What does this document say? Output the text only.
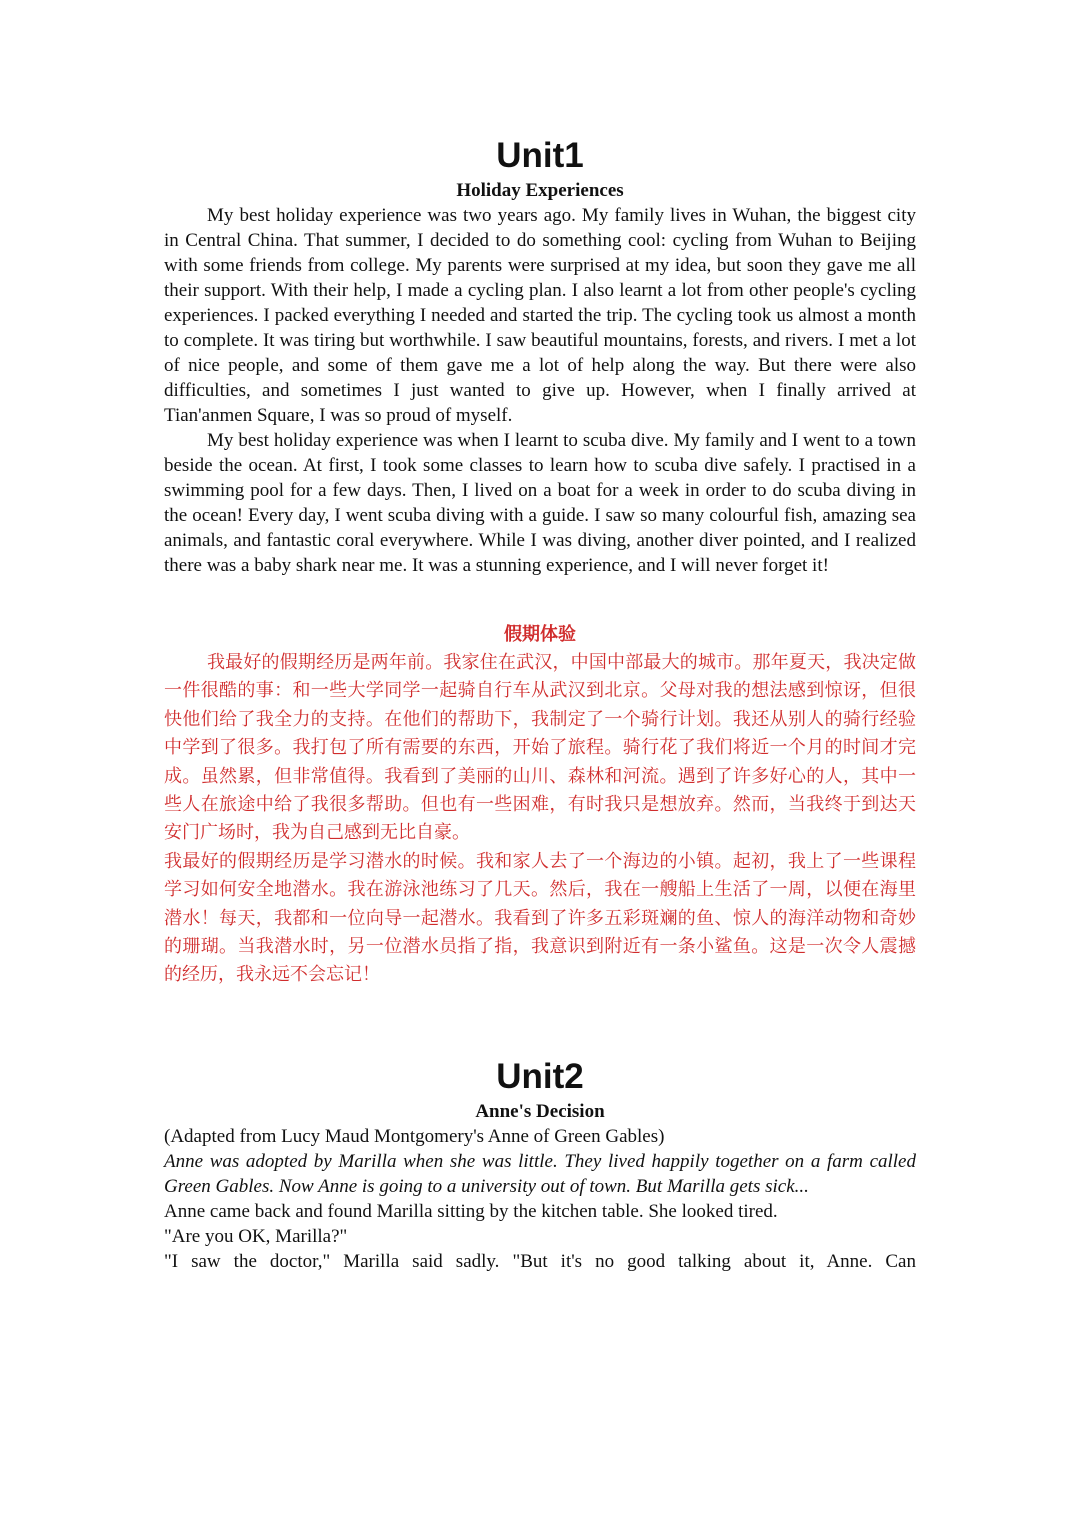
Unit1
Holiday Experiences

My best holiday experience was two years ago. My family lives in Wuhan, the biggest city in Central China. That summer, I decided to do something cool: cycling from Wuhan to Beijing with some friends from college. My parents were surprised at my idea, but soon they gave me all their support. With their help, I made a cycling plan. I also learnt a lot from other people's cycling experiences. I packed everything I needed and started the trip. The cycling took us almost a month to complete. It was tiring but worthwhile. I saw beautiful mountains, forests, and rivers. I met a lot of nice people, and some of them gave me a lot of help along the way. But there were also difficulties, and sometimes I just wanted to give up. However, when I finally arrived at Tian'anmen Square, I was so proud of myself.

My best holiday experience was when I learnt to scuba dive. My family and I went to a town beside the ocean. At first, I took some classes to learn how to scuba dive safely. I practised in a swimming pool for a few days. Then, I lived on a boat for a week in order to do scuba diving in the ocean! Every day, I went scuba diving with a guide. I saw so many colourful fish, amazing sea animals, and fantastic coral everywhere. While I was diving, another diver pointed, and I realized there was a baby shark near me. It was a stunning experience, and I will never forget it!

假期体验

我最好的假期经历是两年前。我家住在武汉，中国中部最大的城市。那年夏天，我决定做一件很酷的事：和一些大学同学一起骑自行车从武汉到北京。父母对我的想法感到惊讶，但很快他们给了我全力的支持。在他们的帮助下，我制定了一个骑行计划。我还从别人的骑行经验中学到了很多。我打包了所有需要的东西，开始了旅程。骑行花了我们将近一个月的时间才完成。虽然累，但非常值得。我看到了美丽的山川、森林和河流。遇到了许多好心的人，其中一些人在旅途中给了我很多帮助。但也有一些困难，有时我只是想放弃。然而，当我终于到达天安门广场时，我为自己感到无比自豪。

我最好的假期经历是学习潜水的时候。我和家人去了一个海边的小镇。起初，我上了一些课程学习如何安全地潜水。我在游泳池练习了几天。然后，我在一艘船上生活了一周，以便在海里潜水！每天，我都和一位向导一起潜水。我看到了许多五彩斑斓的鱼、惊人的海洋动物和奇妙的珊瑚。当我潜水时，另一位潜水员指了指，我意识到附近有一条小鲨鱼。这是一次令人震撼的经历，我永远不会忘记！

Unit2
Anne's Decision

(Adapted from Lucy Maud Montgomery's Anne of Green Gables)

Anne was adopted by Marilla when she was little. They lived happily together on a farm called Green Gables. Now Anne is going to a university out of town. But Marilla gets sick...

Anne came back and found Marilla sitting by the kitchen table. She looked tired.

"Are you OK, Marilla?"

"I saw the doctor," Marilla said sadly. "But it's no good talking about it, Anne. Can
